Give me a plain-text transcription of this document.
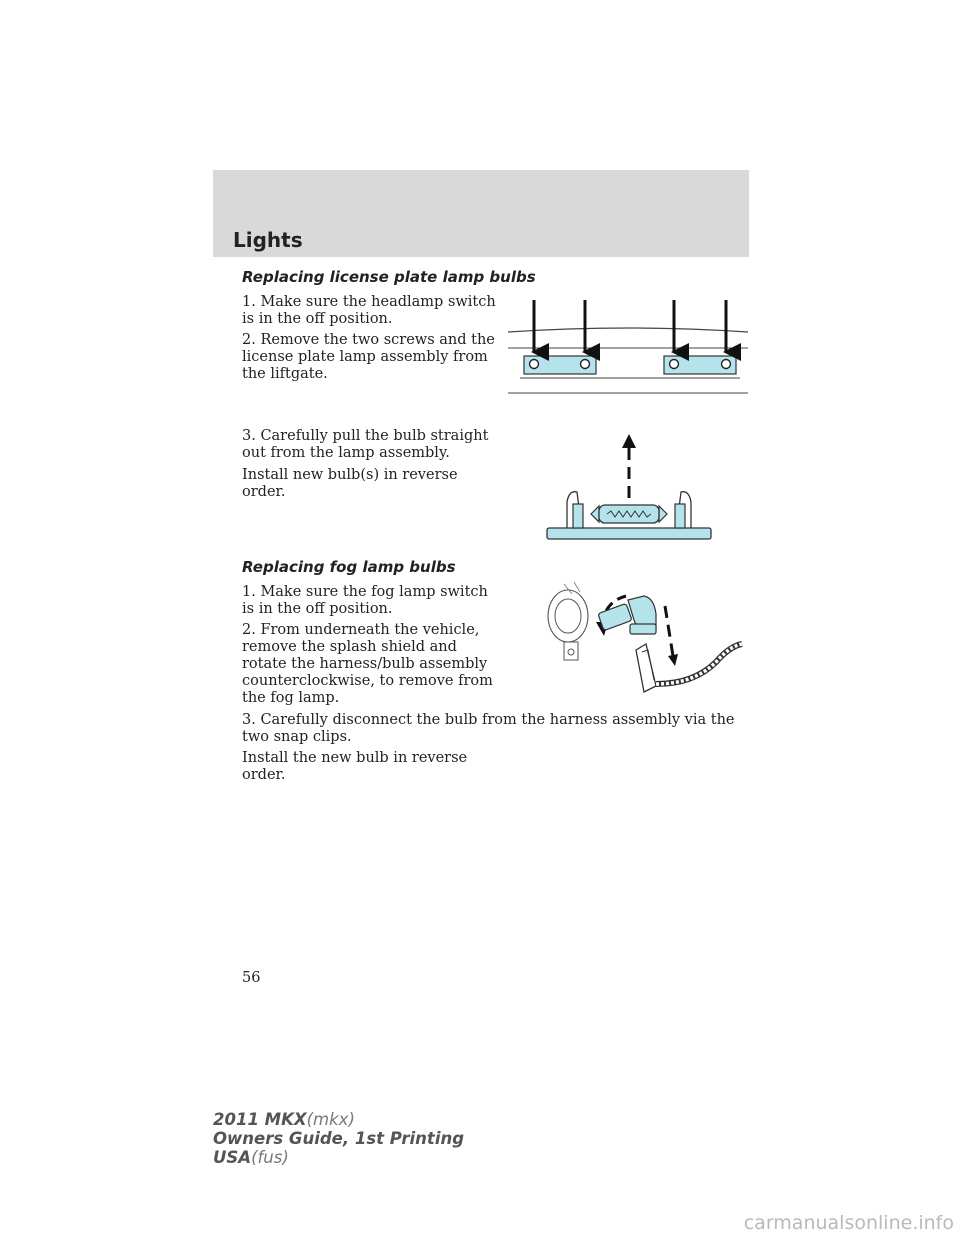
Lights
Replacing license plate lamp bulbs
1. Make sure the headlamp switch is in the off position.
2. Remove the two screws and the license plate lamp assembly from the liftgate.
3. Carefully pull the bulb straight out from the lamp assembly.
Install new bulb(s) in reverse order.
Replacing fog lamp bulbs
1. Make sure the fog lamp switch is in the off position.
2. From underneath the vehicle, remove the splash shield and rotate the harness/bulb assembly counterclockwise, to remove from the fog lamp.
3. Carefully disconnect the bulb from the harness assembly via the two snap clips.
Install the new bulb in reverse order.
56
2011 MKX(mkx)
Owners Guide, 1st Printing
USA(fus)
carmanualsonline.info
